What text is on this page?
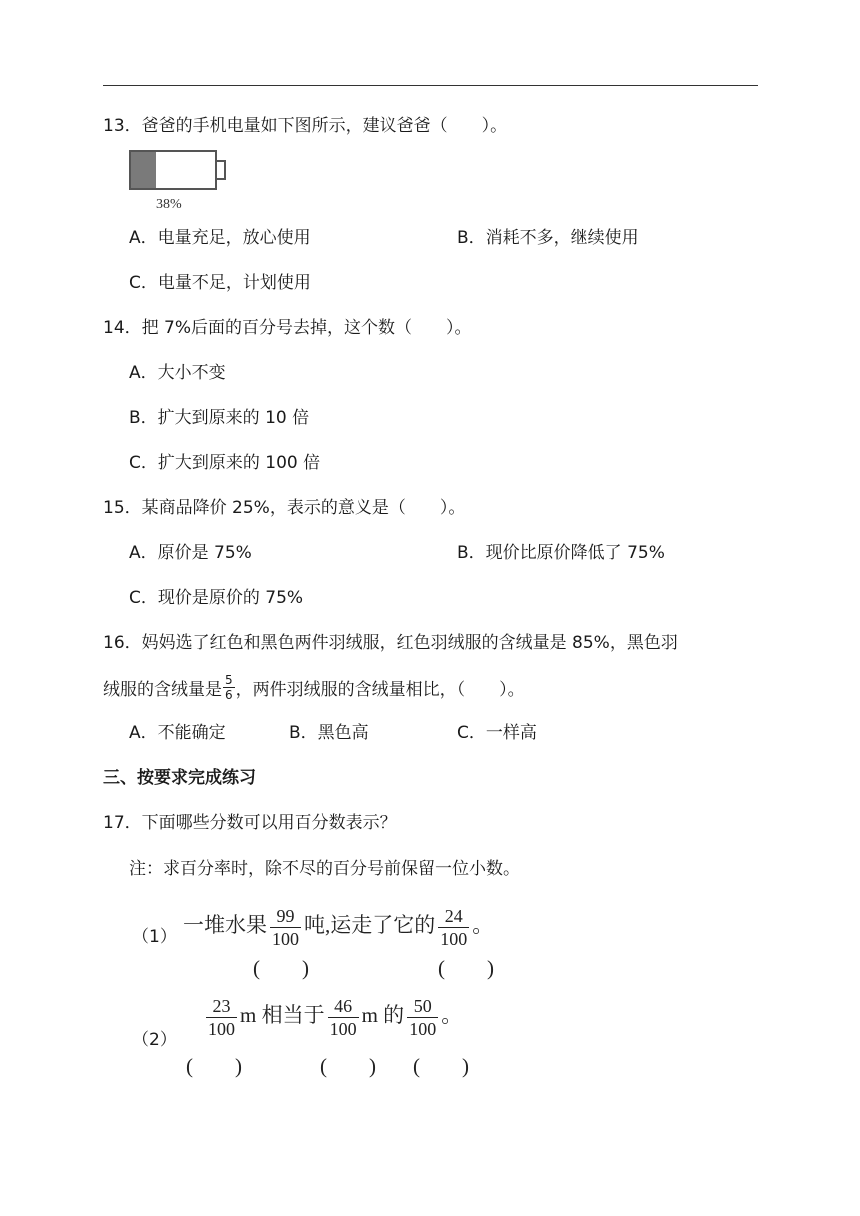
13．爸爸的手机电量如下图所示，建议爸爸（　　）。
38%
A．电量充足，放心使用	B．消耗不多，继续使用
C．电量不足，计划使用
14．把 7%后面的百分号去掉，这个数（　　）。
A．大小不变
B．扩大到原来的 10 倍
C．扩大到原来的 100 倍
15．某商品降价 25%，表示的意义是（　　）。
A．原价是 75%	B．现价比原价降低了 75%
C．现价是原价的 75%
16．妈妈选了红色和黑色两件羽绒服，红色羽绒服的含绒量是 85%，黑色羽
绒服的含绒量是 $\frac{5}{6}$ ，两件羽绒服的含绒量相比，（　　）。
A．不能确定	B．黑色高	C．一样高
三、按要求完成练习
17．下面哪些分数可以用百分数表示？
注：求百分率时，除不尽的百分号前保留一位小数。
（1） 一堆水果 $\frac{99}{100}$ 吨,运走了它的 $\frac{24}{100}$ 。
(　　)	(　　)
（2）
$\frac{23}{100}$ m 相当于 $\frac{46}{100}$ m 的 $\frac{50}{100}$ 。
(　　)	(　　) (　　)
